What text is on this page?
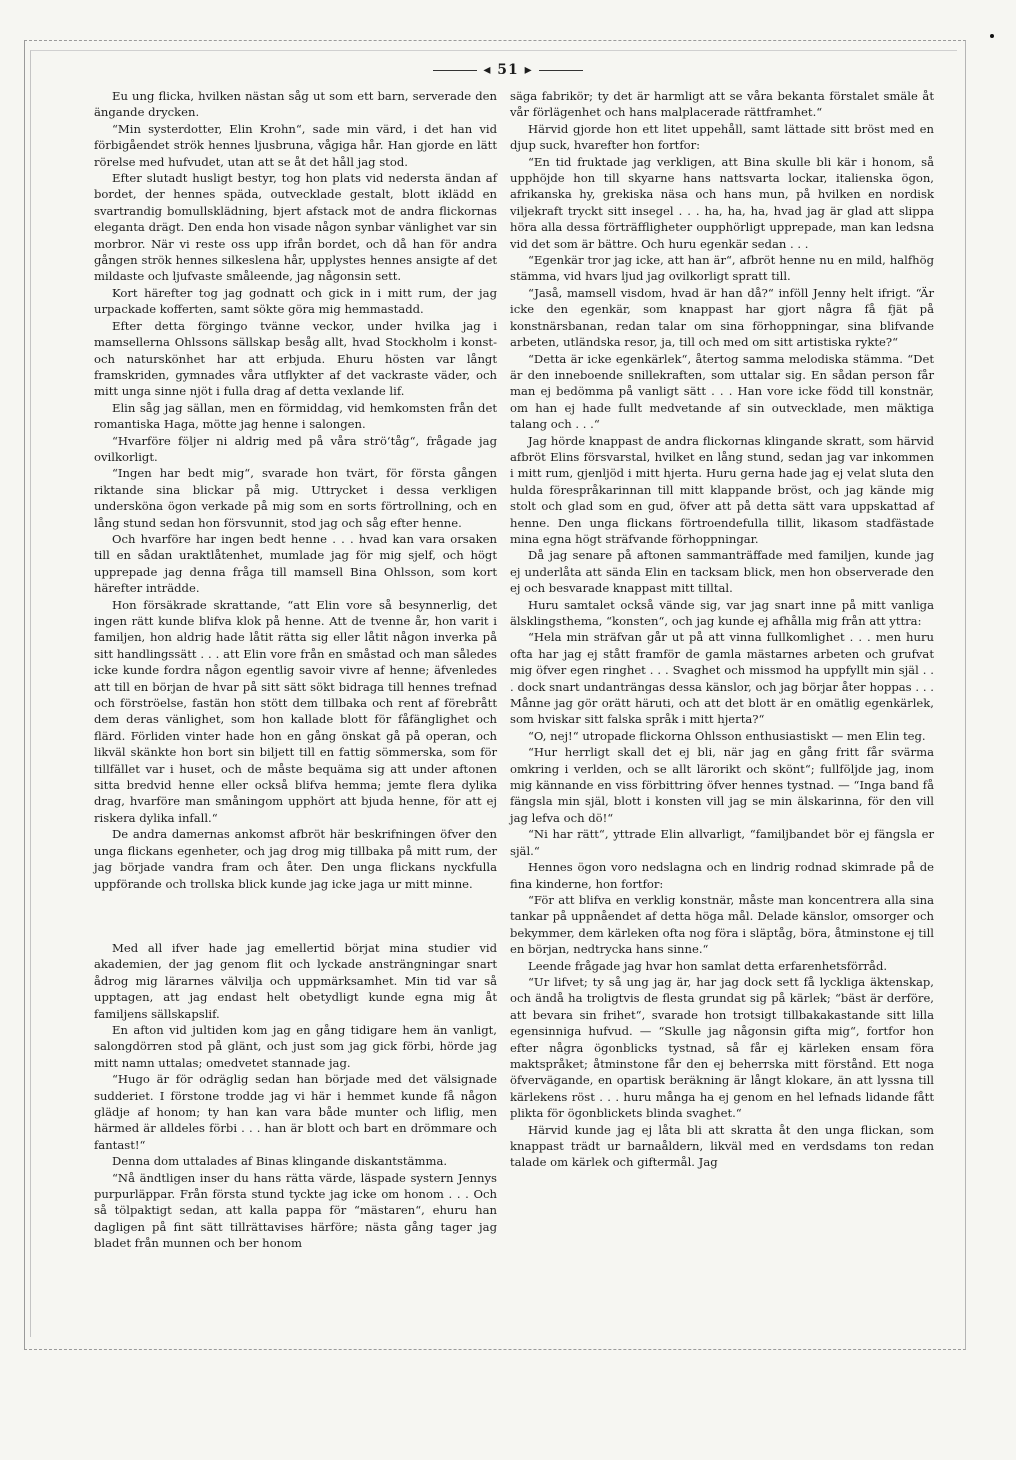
◂ 51 ▸

Eu ung flicka, hvilken nästan såg ut som ett barn, serverade den ängande drycken.

“Min systerdotter, Elin Krohn“, sade min värd, i det han vid förbigåendet strök hennes ljusbruna, vågiga hår. Han gjorde en lätt rörelse med hufvudet, utan att se åt det håll jag stod.

Efter slutadt husligt bestyr, tog hon plats vid nedersta ändan af bordet, der hennes späda, outvecklade gestalt, blott iklädd en svartrandig bomullsklädning, bjert afstack mot de andra flickornas eleganta drägt. Den enda hon visade någon synbar vänlighet var sin morbror. När vi reste oss upp ifrån bordet, och då han för andra gången strök hennes silkeslena hår, upplystes hennes ansigte af det mildaste och ljufvaste småleende, jag någonsin sett.

Kort härefter tog jag godnatt och gick in i mitt rum, der jag urpackade kofferten, samt sökte göra mig hemmastadd.

Efter detta förgingo tvänne veckor, under hvilka jag i mamsellerna Ohlssons sällskap besåg allt, hvad Stockholm i konst- och naturskönhet har att erbjuda. Ehuru hösten var långt framskriden, gymnades våra utflykter af det vackraste väder, och mitt unga sinne njöt i fulla drag af detta vexlande lif.

Elin såg jag sällan, men en förmiddag, vid hemkomsten från det romantiska Haga, mötte jag henne i salongen.

“Hvarföre följer ni aldrig med på våra strö‘tåg“, frågade jag ovilkorligt.

“Ingen har bedt mig“, svarade hon tvärt, för första gången riktande sina blickar på mig. Uttrycket i dessa verkligen undersköna ögon verkade på mig som en sorts förtrollning, och en lång stund sedan hon försvunnit, stod jag och såg efter henne.

Och hvarföre har ingen bedt henne . . . hvad kan vara orsaken till en sådan uraktlåtenhet, mumlade jag för mig sjelf, och högt upprepade jag denna fråga till mamsell Bina Ohlsson, som kort härefter inträdde.

Hon försäkrade skrattande, “att Elin vore så besynnerlig, det ingen rätt kunde blifva klok på henne. Att de tvenne år, hon varit i familjen, hon aldrig hade låtit rätta sig eller låtit någon inverka på sitt handlingssätt . . . att Elin vore från en småstad och man således icke kunde fordra någon egentlig savoir vivre af henne; äfvenledes att till en början de hvar på sitt sätt sökt bidraga till hennes trefnad och förströelse, fastän hon stött dem tillbaka och rent af förebrått dem deras vänlighet, som hon kallade blott för fåfänglighet och flärd. Förliden vinter hade hon en gång önskat gå på operan, och likväl skänkte hon bort sin biljett till en fattig sömmerska, som för tillfället var i huset, och de måste bequäma sig att under aftonen sitta bredvid henne eller också blifva hemma; jemte flera dylika drag, hvarföre man småningom upphört att bjuda henne, för att ej riskera dylika infall.“

De andra damernas ankomst afbröt här beskrifningen öfver den unga flickans egenheter, och jag drog mig tillbaka på mitt rum, der jag började vandra fram och åter. Den unga flickans nyckfulla uppförande och trollska blick kunde jag icke jaga ur mitt minne.

Med all ifver hade jag emellertid börjat mina studier vid akademien, der jag genom flit och lyckade ansträngningar snart ådrog mig lärarnes välvilja och uppmärksamhet. Min tid var så upptagen, att jag endast helt obetydligt kunde egna mig åt familjens sällskapslif.

En afton vid jultiden kom jag en gång tidigare hem än vanligt, salongdörren stod på glänt, och just som jag gick förbi, hörde jag mitt namn uttalas; omedvetet stannade jag.

“Hugo är för odräglig sedan han började med det välsignade sudderiet. I förstone trodde jag vi här i hemmet kunde få någon glädje af honom; ty han kan vara både munter och liflig, men härmed är alldeles förbi . . . han är blott och bart en drömmare och fantast!“

Denna dom uttalades af Binas klingande diskantstämma.

“Nå ändtligen inser du hans rätta värde, läspade systern Jennys purpurläppar. Från första stund tyckte jag icke om honom . . . Och så tölpaktigt sedan, att kalla pappa för “mästaren“, ehuru han dagligen på fint sätt tillrättavises härföre; nästa gång tager jag bladet från munnen och ber honom

säga fabrikör; ty det är harmligt att se våra bekanta förstalet smäle åt vår förlägenhet och hans malplacerade rättframhet.“

Härvid gjorde hon ett litet uppehåll, samt lättade sitt bröst med en djup suck, hvarefter hon fortfor:

“En tid fruktade jag verkligen, att Bina skulle bli kär i honom, så upphöjde hon till skyarne hans nattsvarta lockar, italienska ögon, afrikanska hy, grekiska näsa och hans mun, på hvilken en nordisk viljekraft tryckt sitt insegel . . . ha, ha, ha, hvad jag är glad att slippa höra alla dessa förträffligheter oupphörligt upprepade, man kan ledsna vid det som är bättre. Och huru egenkär sedan . . .

“Egenkär tror jag icke, att han är“, afbröt henne nu en mild, halfhög stämma, vid hvars ljud jag ovilkorligt spratt till.

“Jaså, mamsell visdom, hvad är han då?“ inföll Jenny helt ifrigt. “Är icke den egenkär, som knappast har gjort några få fjät på konstnärsbanan, redan talar om sina förhoppningar, sina blifvande arbeten, utländska resor, ja, till och med om sitt artistiska rykte?“

“Detta är icke egenkärlek“, återtog samma melodiska stämma. “Det är den inneboende snillekraften, som uttalar sig. En sådan person får man ej bedömma på vanligt sätt . . . Han vore icke född till konstnär, om han ej hade fullt medvetande af sin outvecklade, men mäktiga talang och . . .“

Jag hörde knappast de andra flickornas klingande skratt, som härvid afbröt Elins försvarstal, hvilket en lång stund, sedan jag var inkommen i mitt rum, gjenljöd i mitt hjerta. Huru gerna hade jag ej velat sluta den hulda förespråkarinnan till mitt klappande bröst, och jag kände mig stolt och glad som en gud, öfver att på detta sätt vara uppskattad af henne. Den unga flickans förtroendefulla tillit, likasom stadfästade mina egna högt sträfvande förhoppningar.

Då jag senare på aftonen sammanträffade med familjen, kunde jag ej underlåta att sända Elin en tacksam blick, men hon observerade den ej och besvarade knappast mitt tilltal.

Huru samtalet också vände sig, var jag snart inne på mitt vanliga älsklingsthema, “konsten“, och jag kunde ej afhålla mig från att yttra:

“Hela min sträfvan går ut på att vinna fullkomlighet . . . men huru ofta har jag ej stått framför de gamla mästarnes arbeten och grufvat mig öfver egen ringhet . . . Svaghet och missmod ha uppfyllt min själ . . . dock snart undanträngas dessa känslor, och jag börjar åter hoppas . . . Månne jag gör orätt häruti, och att det blott är en omätlig egenkärlek, som hviskar sitt falska språk i mitt hjerta?“

“O, nej!“ utropade flickorna Ohlsson enthusiastiskt — men Elin teg.

“Hur herrligt skall det ej bli, när jag en gång fritt får svärma omkring i verlden, och se allt lärorikt och skönt“; fullföljde jag, inom mig kännande en viss förbittring öfver hennes tystnad. — “Inga band få fängsla min själ, blott i konsten vill jag se min älskarinna, för den vill jag lefva och dö!“

“Ni har rätt“, yttrade Elin allvarligt, “familjbandet bör ej fängsla er själ.“

Hennes ögon voro nedslagna och en lindrig rodnad skimrade på de fina kinderne, hon fortfor:

“För att blifva en verklig konstnär, måste man koncentrera alla sina tankar på uppnåendet af detta höga mål. Delade känslor, omsorger och bekymmer, dem kärleken ofta nog föra i släptåg, böra, åtminstone ej till en början, nedtrycka hans sinne.“

Leende frågade jag hvar hon samlat detta erfarenhetsförråd.

“Ur lifvet; ty så ung jag är, har jag dock sett få lyckliga äktenskap, och ändå ha troligtvis de flesta grundat sig på kärlek; “bäst är derföre, att bevara sin frihet“, svarade hon trotsigt tillbakakastande sitt lilla egensinniga hufvud. — “Skulle jag någonsin gifta mig“, fortfor hon efter några ögonblicks tystnad, så får ej kärleken ensam föra maktspråket; åtminstone får den ej beherrska mitt förstånd. Ett noga öfvervägande, en opartisk beräkning är långt klokare, än att lyssna till kärlekens röst . . . huru många ha ej genom en hel lefnads lidande fått plikta för ögonblickets blinda svaghet.“

Härvid kunde jag ej låta bli att skratta åt den unga flickan, som knappast trädt ur barnaåldern, likväl med en verdsdams ton redan talade om kärlek och giftermål. Jag
